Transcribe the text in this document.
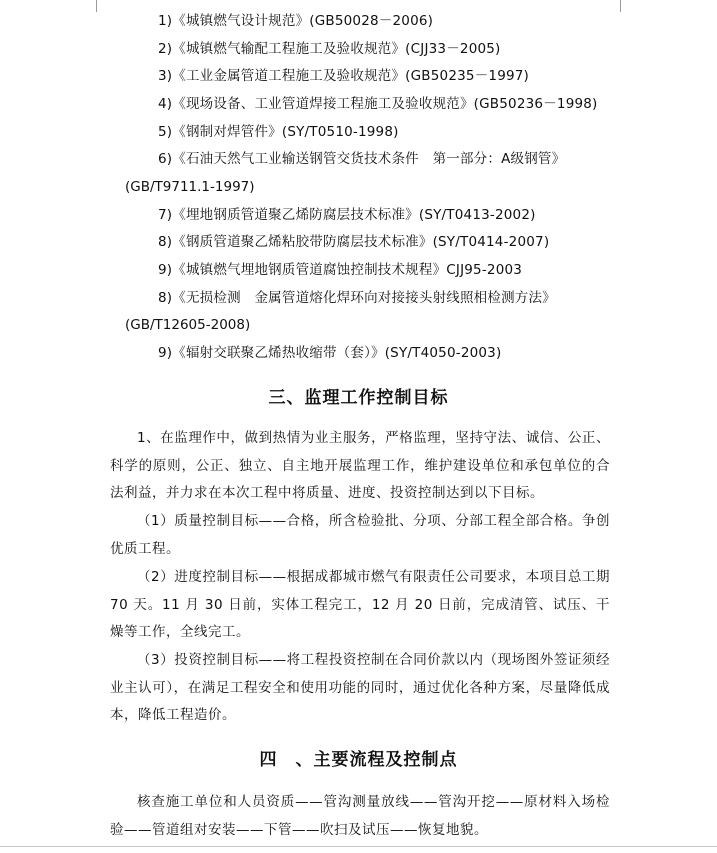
1)《城镇燃气设计规范》(GB50028－2006)
2)《城镇燃气输配工程施工及验收规范》(CJJ33－2005)
3)《工业金属管道工程施工及验收规范》(GB50235－1997)
4)《现场设备、工业管道焊接工程施工及验收规范》(GB50236－1998)
5)《钢制对焊管件》(SY/T0510-1998)
6)《石油天然气工业输送钢管交货技术条件　第一部分：A级钢管》
(GB/T9711.1-1997)
7)《埋地钢质管道聚乙烯防腐层技术标准》(SY/T0413-2002)
8)《钢质管道聚乙烯粘胶带防腐层技术标准》(SY/T0414-2007)
9)《城镇燃气埋地钢质管道腐蚀控制技术规程》CJJ95-2003
8)《无损检测　金属管道熔化焊环向对接接头射线照相检测方法》
(GB/T12605-2008)
9)《辐射交联聚乙烯热收缩带（套）》(SY/T4050-2003)
三、监理工作控制目标
1、在监理作中，做到热情为业主服务，严格监理，坚持守法、诚信、公正、科学的原则，公正、独立、自主地开展监理工作，维护建设单位和承包单位的合法利益，并力求在本次工程中将质量、进度、投资控制达到以下目标。
（1）质量控制目标——合格，所含检验批、分项、分部工程全部合格。争创优质工程。
（2）进度控制目标——根据成都城市燃气有限责任公司要求，本项目总工期 70 天。11 月 30 日前，实体工程完工，12 月 20 日前，完成清管、试压、干燥等工作，全线完工。
（3）投资控制目标——将工程投资控制在合同价款以内（现场图外签证须经业主认可），在满足工程安全和使用功能的同时，通过优化各种方案，尽量降低成本，降低工程造价。
四　、主要流程及控制点
核查施工单位和人员资质——管沟测量放线——管沟开挖——原材料入场检验——管道组对安装——下管——吹扫及试压——恢复地貌。
